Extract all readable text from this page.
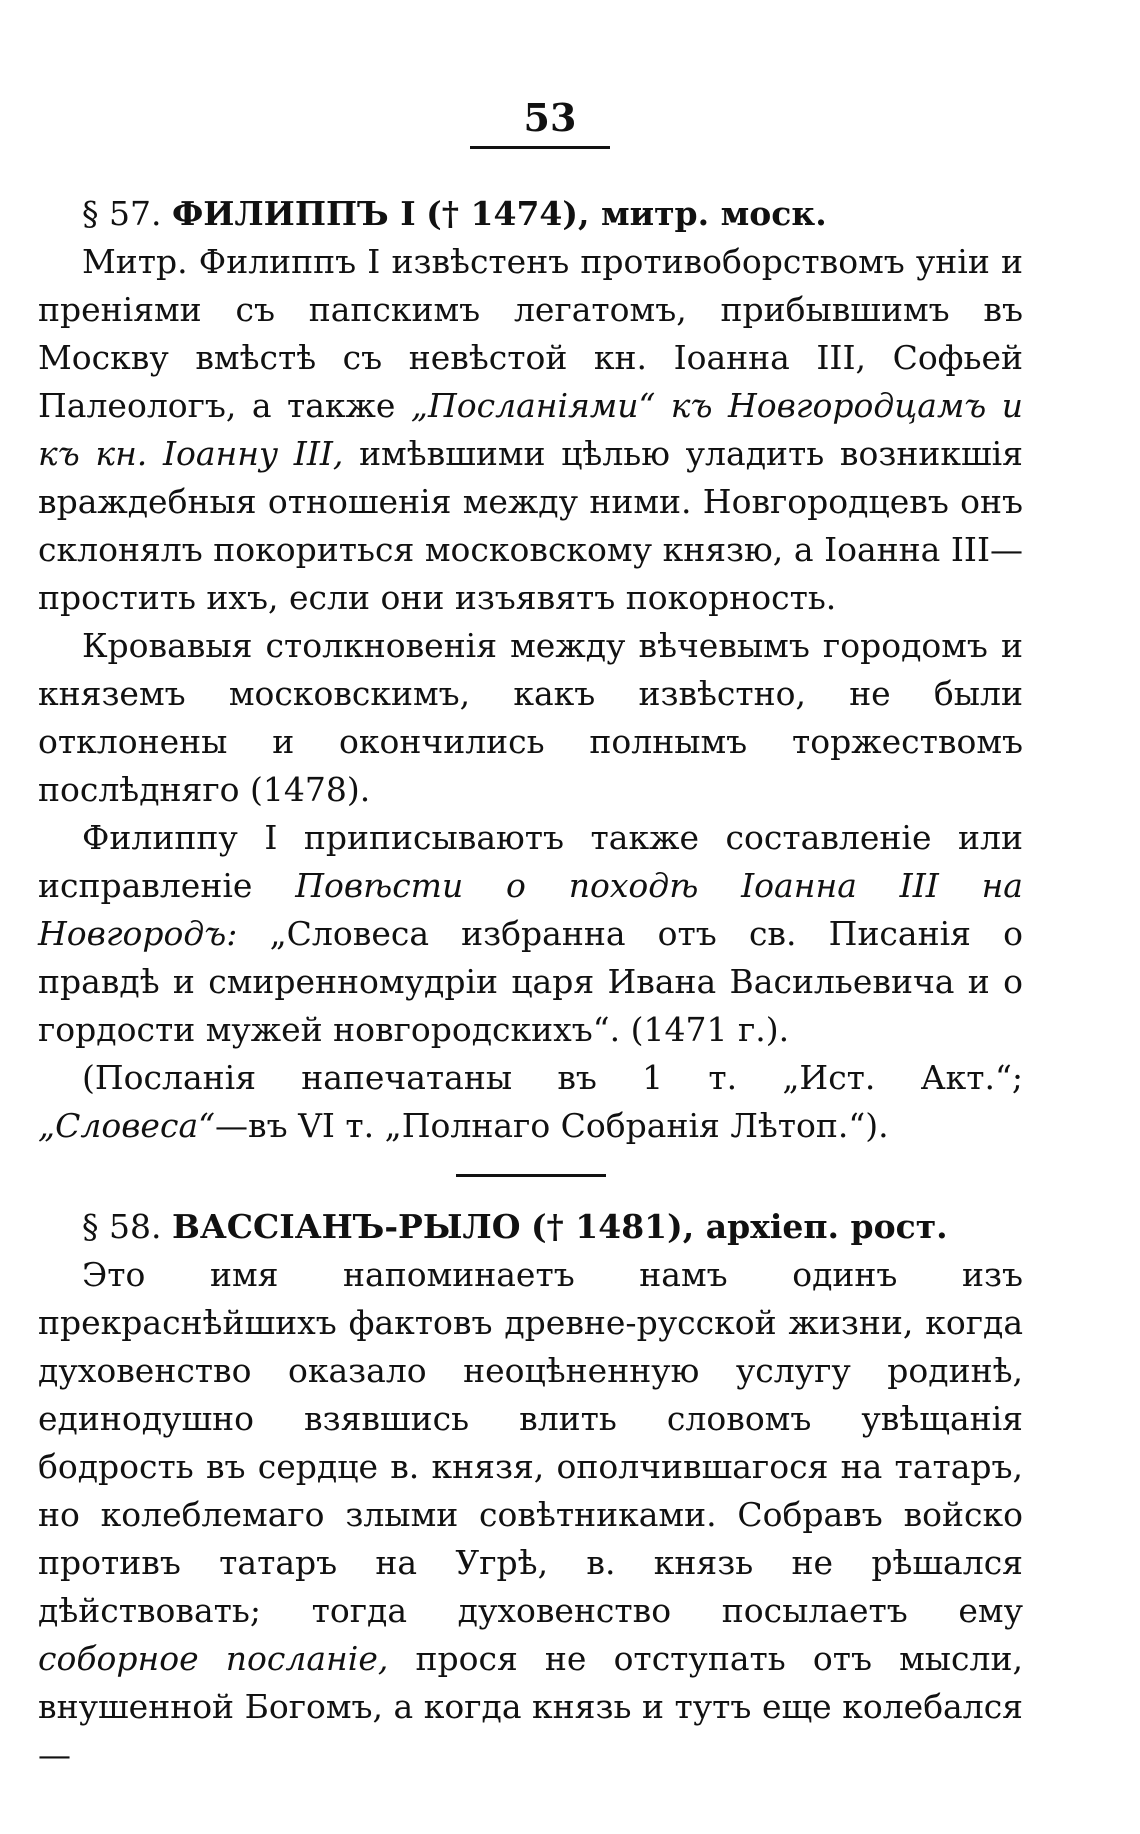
53

§ 57. ФИЛИППЪ I († 1474), митр. моск.

Митр. Филиппъ I извѣстенъ противоборствомъ уніи и преніями съ папскимъ легатомъ, прибывшимъ въ Москву вмѣстѣ съ невѣстой кн. Іоанна III, Софьей Палеологъ, а также „Посланіями“ къ Новгородцамъ и къ кн. Іоанну III, имѣвшими цѣлью уладить возникшія враждебныя отношенія между ними. Новгородцевъ онъ склонялъ покориться московскому князю, а Іоанна III—простить ихъ, если они изъявятъ покорность.

Кровавыя столкновенія между вѣчевымъ городомъ и княземъ московскимъ, какъ извѣстно, не были отклонены и окончились полнымъ торжествомъ послѣдняго (1478).

Филиппу I приписываютъ также составленіе или исправленіе Повѣсти о походѣ Іоанна III на Новгородъ: „Словеса избранна отъ св. Писанія о правдѣ и смиренномудріи царя Ивана Васильевича и о гордости мужей новгородскихъ“. (1471 г.).

(Посланія напечатаны въ 1 т. „Ист. Акт.“; „Словеса“—въ VI т. „Полнаго Собранія Лѣтоп.“).

§ 58. ВАССІАНЪ-РЫЛО († 1481), архіеп. рост.

Это имя напоминаетъ намъ одинъ изъ прекраснѣйшихъ фактовъ древне-русской жизни, когда духовенство оказало неоцѣненную услугу родинѣ, единодушно взявшись влить словомъ увѣщанія бодрость въ сердце в. князя, ополчившагося на татаръ, но колеблемаго злыми совѣтниками. Собравъ войско противъ татаръ на Угрѣ, в. князь не рѣшался дѣйствовать; тогда духовенство посылаетъ ему соборное посланіе, прося не отступать отъ мысли, внушенной Богомъ, а когда князь и тутъ еще колебался—
